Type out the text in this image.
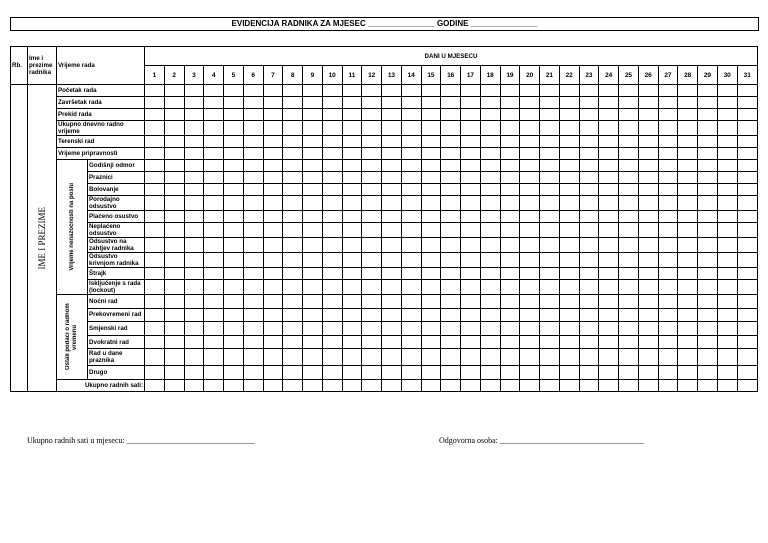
EVIDENCIJA RADNIKA ZA MJESEC _______________ GODINE _______________
Rb.	Ime i prezime radnika	Vrijeme rada		DANI U MJESECU																														
				1	2	3	4	5	6	7	8	9	10	11	12	13	14	15	16	17	18	19	20	21	22	23	24	25	26	27	28	29	30	31

	IME I PREZIME	Početak rada																																
		Završetak rada																																
		Prekid rada																																
		Ukupno dnevno radno vrijeme																																
		Terenski rad																																
		Vrijeme pripravnosti																																

		Vrijeme nenazočnosti na poslu	Godišnji odmor																															
			Praznici																															
			Bolovanje																															
			Porodajno odsustvo																															
			Plaćeno osustvo																															
			Neplaćeno odsustvo																															
			Odsustvo na zahtjev radnika																															
			Odsustvo krivnjom radnika																															
			Štrajk																															
			Isključenje s rada (lockout)																															

		Ostali podaci o radnom vremenu	Noćni rad																															
			Prekovremeni rad																															
			Smjenski rad																															
			Dvokratni rad																															
			Rad u dane praznika																															
			Drugo																															
		Ukupno radnih sati:																																
Ukupno radnih sati u mjesecu: ________________________________	Odgovorna osoba: ____________________________________
